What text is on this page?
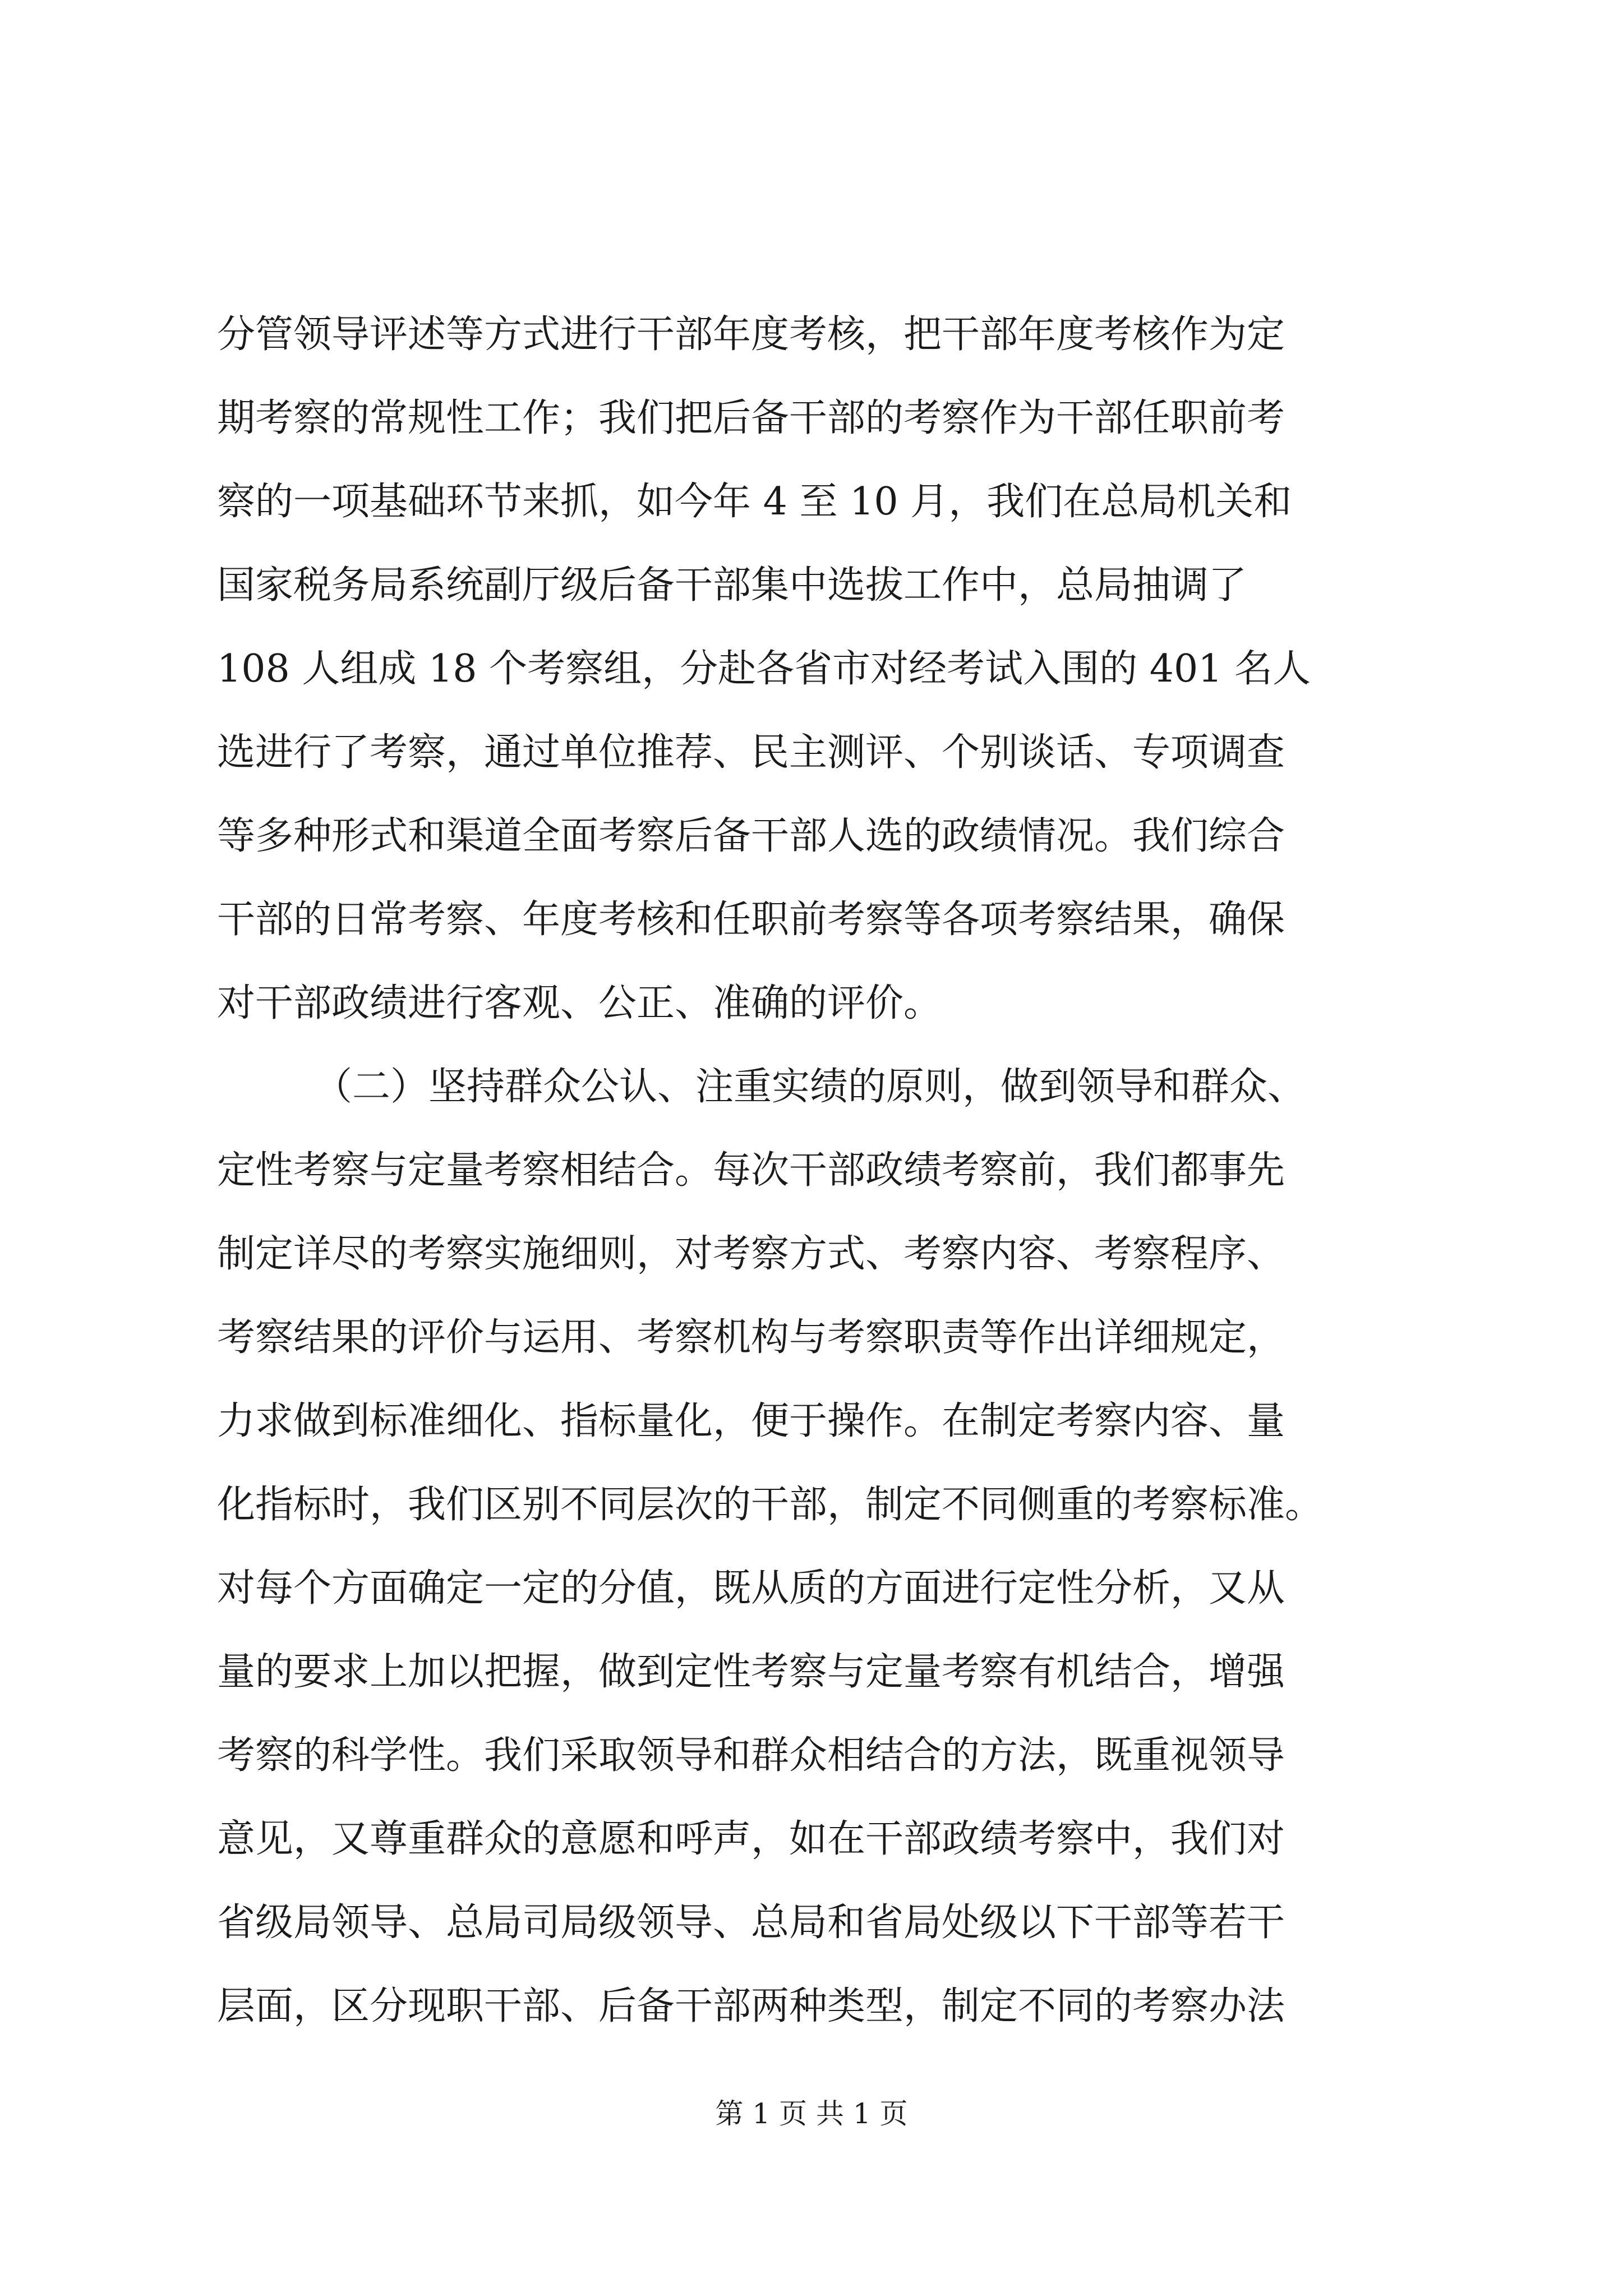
分管领导评述等方式进行干部年度考核，把干部年度考核作为定
期考察的常规性工作；我们把后备干部的考察作为干部任职前考
察的一项基础环节来抓，如今年 4 至 10 月，我们在总局机关和
国家税务局系统副厅级后备干部集中选拔工作中，总局抽调了
108 人组成 18 个考察组，分赴各省市对经考试入围的 401 名人
选进行了考察，通过单位推荐、民主测评、个别谈话、专项调查
等多种形式和渠道全面考察后备干部人选的政绩情况。我们综合
干部的日常考察、年度考核和任职前考察等各项考察结果，确保
对干部政绩进行客观、公正、准确的评价。
（二）坚持群众公认、注重实绩的原则，做到领导和群众、
定性考察与定量考察相结合。每次干部政绩考察前，我们都事先
制定详尽的考察实施细则，对考察方式、考察内容、考察程序、
考察结果的评价与运用、考察机构与考察职责等作出详细规定，
力求做到标准细化、指标量化，便于操作。在制定考察内容、量
化指标时，我们区别不同层次的干部，制定不同侧重的考察标准。
对每个方面确定一定的分值，既从质的方面进行定性分析，又从
量的要求上加以把握，做到定性考察与定量考察有机结合，增强
考察的科学性。我们采取领导和群众相结合的方法，既重视领导
意见，又尊重群众的意愿和呼声，如在干部政绩考察中，我们对
省级局领导、总局司局级领导、总局和省局处级以下干部等若干
层面，区分现职干部、后备干部两种类型，制定不同的考察办法
第 1 页 共 1 页
